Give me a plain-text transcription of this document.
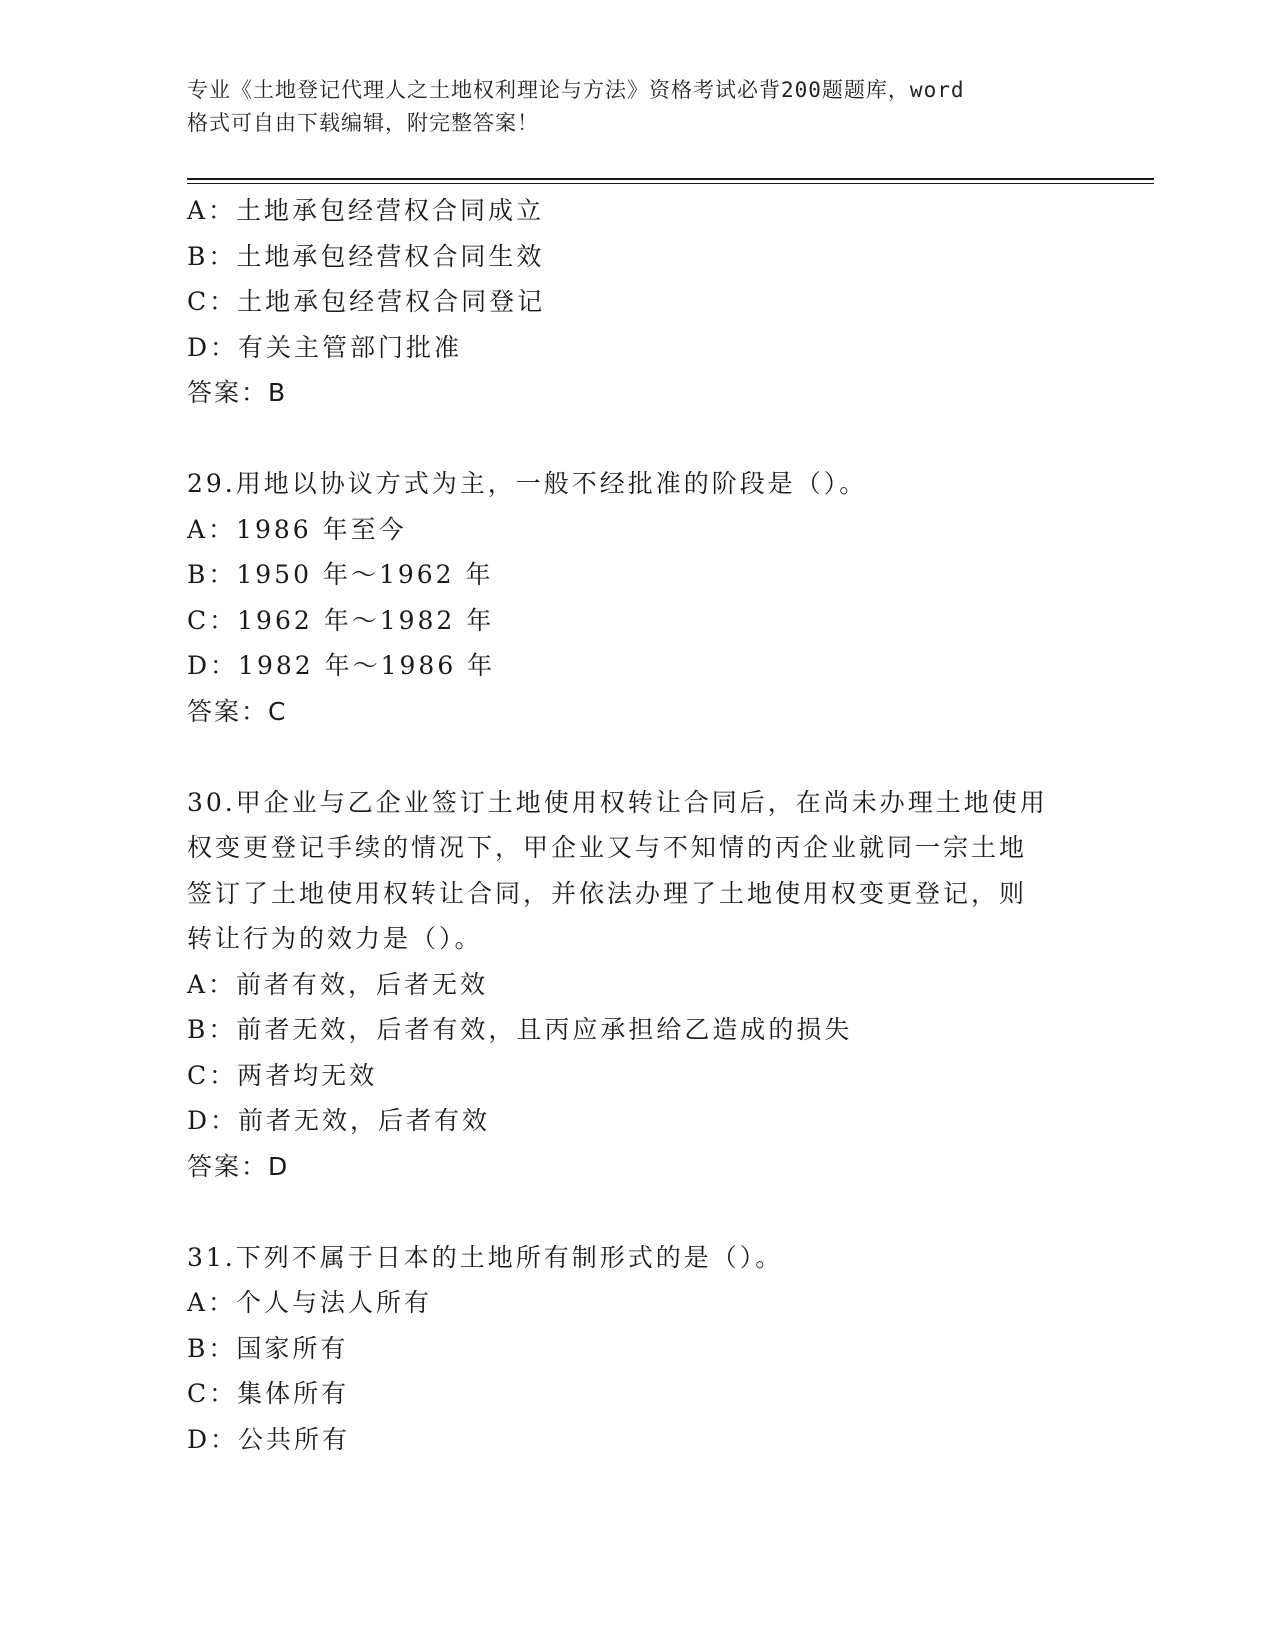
专业《土地登记代理人之土地权利理论与方法》资格考试必背200题题库，word
格式可自由下载编辑，附完整答案！
A：土地承包经营权合同成立
B：土地承包经营权合同生效
C：土地承包经营权合同登记
D：有关主管部门批准
答案：B
29.用地以协议方式为主，一般不经批准的阶段是（）。
A：1986 年至今
B：1950 年～1962 年
C：1962 年～1982 年
D：1982 年～1986 年
答案：C
30.甲企业与乙企业签订土地使用权转让合同后，在尚未办理土地使用
权变更登记手续的情况下，甲企业又与不知情的丙企业就同一宗土地
签订了土地使用权转让合同，并依法办理了土地使用权变更登记，则
转让行为的效力是（）。
A：前者有效，后者无效
B：前者无效，后者有效，且丙应承担给乙造成的损失
C：两者均无效
D：前者无效，后者有效
答案：D
31.下列不属于日本的土地所有制形式的是（）。
A：个人与法人所有
B：国家所有
C：集体所有
D：公共所有
